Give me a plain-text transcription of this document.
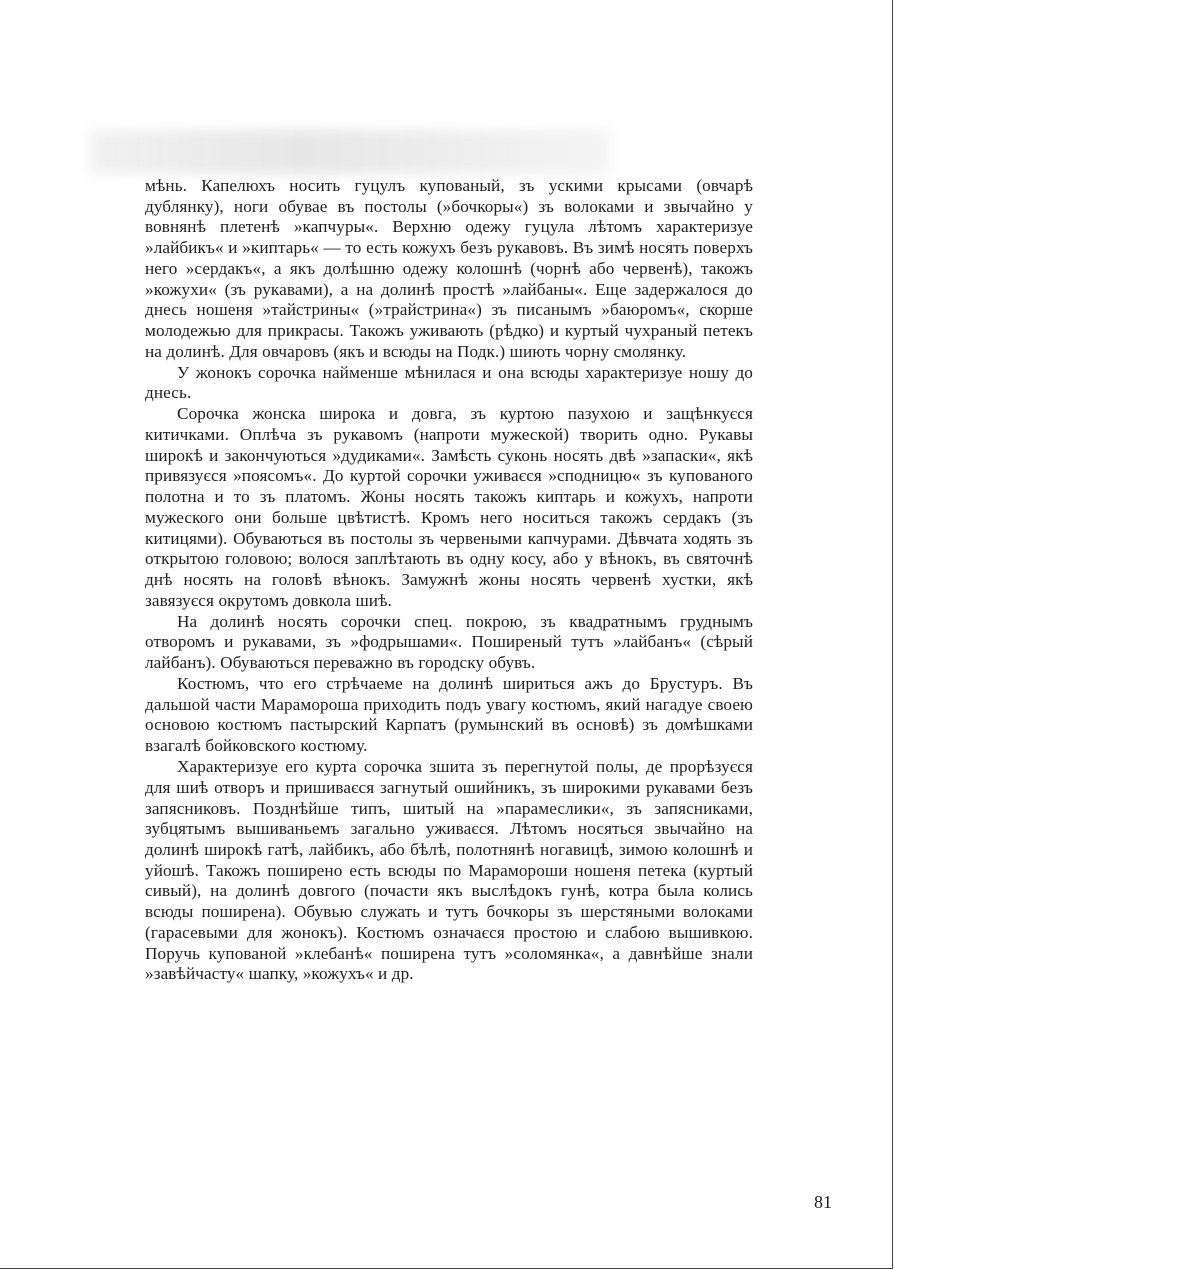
мѣнь. Капелюхъ носить гуцулъ купованый, зъ ускими крысами (овчарѣ дублянку), ноги обувае въ постолы (»бочкоры«) зъ волоками и звычайно у вовнянѣ плетенѣ »капчуры«. Верхню одежу гуцула лѣтомъ характеризуе »лайбикъ« и »киптарь« — то есть кожухъ безъ рукавовъ. Въ зимѣ носять поверхъ него »сердакъ«, а якъ долѣшню одежу колошнѣ (чорнѣ або червенѣ), такожъ »кожухи« (зъ рукавами), а на долинѣ простѣ »лайбаны«. Еще задержалося до днесь ношеня »тайстрины« (»трайстрина«) зъ писанымъ »баюромъ«, скорше молодежью для прикрасы. Такожъ уживають (рѣдко) и куртый чухраный петекъ на долинѣ. Для овчаровъ (якъ и всюды на Подк.) шиють чорну смолянку.

У жонокъ сорочка найменше мѣнилася и она всюды характеризуе ношу до днесь.

Сорочка жонска широка и довга, зъ куртою пазухою и защѣнкуєся китичками. Оплѣча зъ рукавомъ (напроти мужеской) творить одно. Рукавы широкѣ и закончуються »дудиками«. Замѣсть суконь носять двѣ »запаски«, якѣ привязуєся »поясомъ«. До куртой сорочки уживаєся »сподницю« зъ купованого полотна и то зъ платомъ. Жоны носять такожъ киптарь и кожухъ, напроти мужеского они больше цвѣтистѣ. Кромъ него носиться такожъ сердакъ (зъ китицями). Обуваються въ постолы зъ червеными капчурами. Дѣвчата ходять зъ открытою головою; волося заплѣтають въ одну косу, або у вѣнокъ, въ святочнѣ днѣ носять на головѣ вѣнокъ. Замужнѣ жоны носять червенѣ хустки, якѣ завязуєся окрутомъ довкола шиѣ.

На долинѣ носять сорочки спец. покрою, зъ квадратнымъ груднымъ отворомъ и рукавами, зъ »фодрышами«. Поширеный тутъ »лайбанъ« (сѣрый лайбанъ). Обуваються переважно въ городску обувъ.

Костюмъ, что его стрѣчаеме на долинѣ шириться ажъ до Брустуръ. Въ дальшой части Марамороша приходить подъ увагу костюмъ, який нагадуе своею основою костюмъ пастырский Карпатъ (румынский въ основѣ) зъ домѣшками взагалѣ бойковского костюму.

Характеризуе его курта сорочка зшита зъ перегнутой полы, де прорѣзуєся для шиѣ отворъ и пришиваєся загнутый ошийникъ, зъ широкими рукавами безъ запясниковъ. Позднѣйше типъ, шитый на »парамеслики«, зъ запясниками, зубцятымъ вышиваньемъ загально уживаєся. Лѣтомъ носяться звычайно на долинѣ широкѣ гатѣ, лайбикъ, або бѣлѣ, полотнянѣ ногавицѣ, зимою колошнѣ и уйошѣ. Такожъ поширено есть всюды по Марамороши ношеня петека (куртый сивый), на долинѣ довгого (почасти якъ выслѣдокъ гунѣ, котра была колись всюды поширена). Обувью служать и тутъ бочкоры зъ шерстяными волоками (гарасевыми для жонокъ). Костюмъ означаєся простою и слабою вышивкою. Поручь купованой »клебанѣ« поширена тутъ »соломянка«, а давнѣйше знали »завѣйчасту« шапку, »кожухъ« и др.

81
